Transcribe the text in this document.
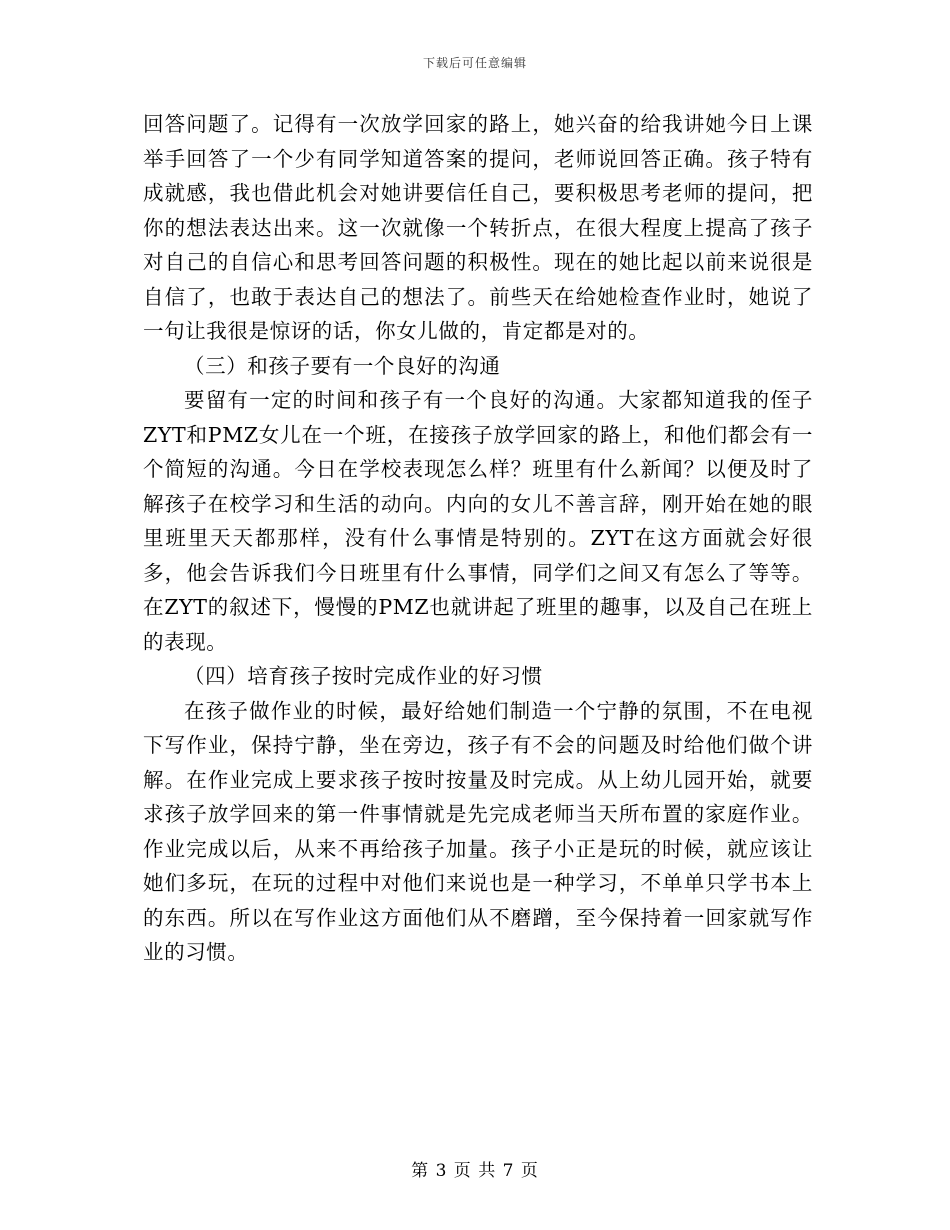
下载后可任意编辑

回答问题了。记得有一次放学回家的路上，她兴奋的给我讲她今日上课举手回答了一个少有同学知道答案的提问，老师说回答正确。孩子特有成就感，我也借此机会对她讲要信任自己，要积极思考老师的提问，把你的想法表达出来。这一次就像一个转折点，在很大程度上提高了孩子对自己的自信心和思考回答问题的积极性。现在的她比起以前来说很是自信了，也敢于表达自己的想法了。前些天在给她检查作业时，她说了一句让我很是惊讶的话，你女儿做的，肯定都是对的。

（三）和孩子要有一个良好的沟通

要留有一定的时间和孩子有一个良好的沟通。大家都知道我的侄子ZYT和PMZ女儿在一个班，在接孩子放学回家的路上，和他们都会有一个简短的沟通。今日在学校表现怎么样？班里有什么新闻？以便及时了解孩子在校学习和生活的动向。内向的女儿不善言辞，刚开始在她的眼里班里天天都那样，没有什么事情是特别的。ZYT在这方面就会好很多，他会告诉我们今日班里有什么事情，同学们之间又有怎么了等等。在ZYT的叙述下，慢慢的PMZ也就讲起了班里的趣事，以及自己在班上的表现。

（四）培育孩子按时完成作业的好习惯

在孩子做作业的时候，最好给她们制造一个宁静的氛围，不在电视下写作业，保持宁静，坐在旁边，孩子有不会的问题及时给他们做个讲解。在作业完成上要求孩子按时按量及时完成。从上幼儿园开始，就要求孩子放学回来的第一件事情就是先完成老师当天所布置的家庭作业。作业完成以后，从来不再给孩子加量。孩子小正是玩的时候，就应该让她们多玩，在玩的过程中对他们来说也是一种学习，不单单只学书本上的东西。所以在写作业这方面他们从不磨蹭，至今保持着一回家就写作业的习惯。

第 3 页 共 7 页
